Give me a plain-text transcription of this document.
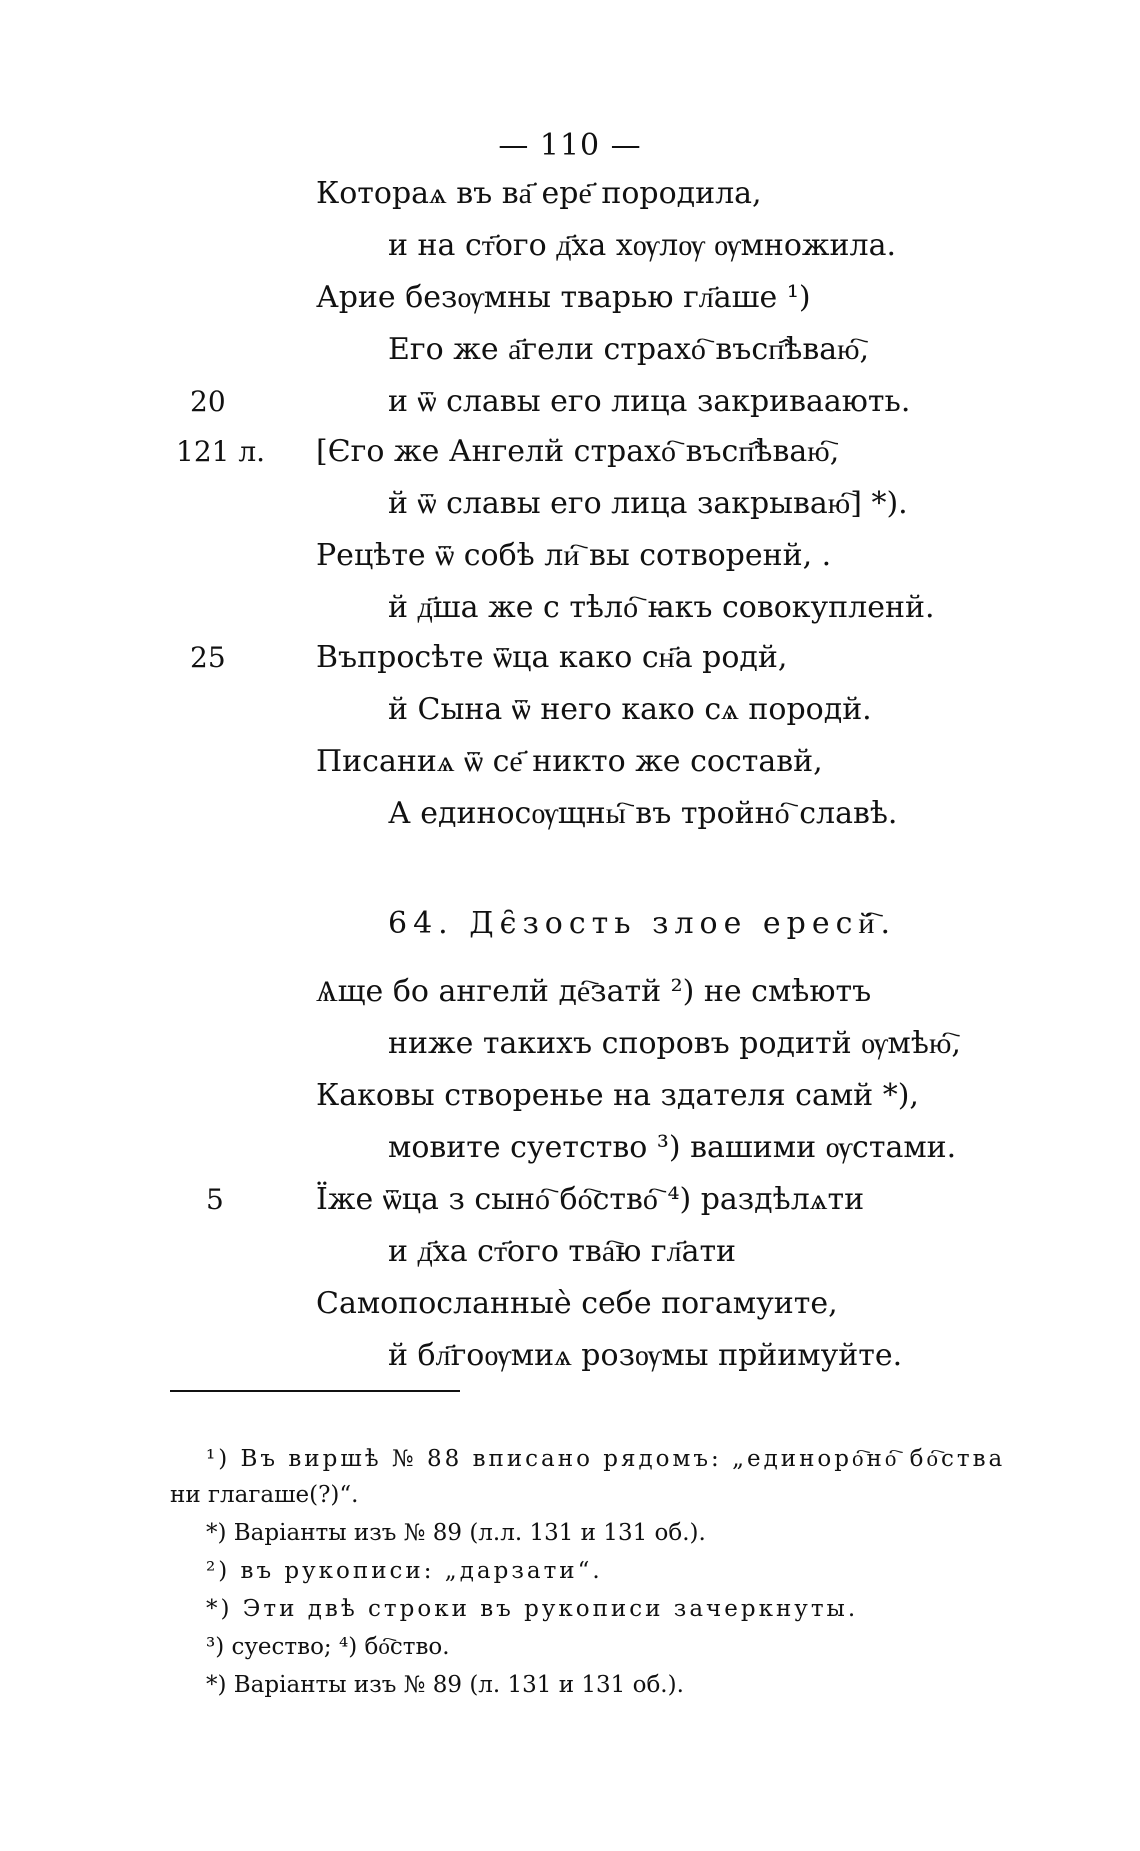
— 110 —
Котораѧ въ ва҃ ере҃ породила,
и на ст҃ого д҃ха хѹлѹ ѹмножила.
Арие безѹмны тварью гл҃аше ¹)
Его же а҃гели страхо҇ въсп҄ѣваю҇,
20	и ѿ славы его лица закриваають.
121 л. [Єго же Ангелй страхо҇ въсп҄ѣваю҇,
й ѿ славы его лица закрываю҇] *).
Рецѣте ѿ собѣ ли҇ вы сотворенй, .
й д҃ша же с тѣло҇ ꙗкъ совокупленй.
25	Въпросѣте ѿца како сн҃а родй,
й Сына ѿ него како сѧ породй.
Писаниѧ ѿ се҃ никто же составй,
А единосѹщны҇ въ тройно҇ славѣ.
64. Дє̑зость злое ересй҇.
Ѧще бо ангелй де҇затй ²) не смѣютъ
ниже такихъ споровъ родитй ѹмѣю҇,
Каковы створенье на здателя самй *),
мовите суетство ³) вашими ѹстами.
5	Їже ѿца з сыно҇ бо҇ство҇ ⁴) раздѣлѧти
и д҃ха ст҃ого тва҇ю гл҃ати
Самопосланныѐ себе погамуите,
й бл҃гоѹмиѧ розѹмы прйимуйте.
¹) Въ виршѣ № 88 вписано рядомъ: „единоро҇но҇ бо҇ства
ни глагаше(?)“.
*) Варiанты изъ № 89 (л.л. 131 и 131 об.).
²) въ рукописи: „дарзати“.
*) Эти двѣ строки въ рукописи зачеркнуты.
³) суество; ⁴) бо҇ство.
*) Варiанты изъ № 89 (л. 131 и 131 об.).
